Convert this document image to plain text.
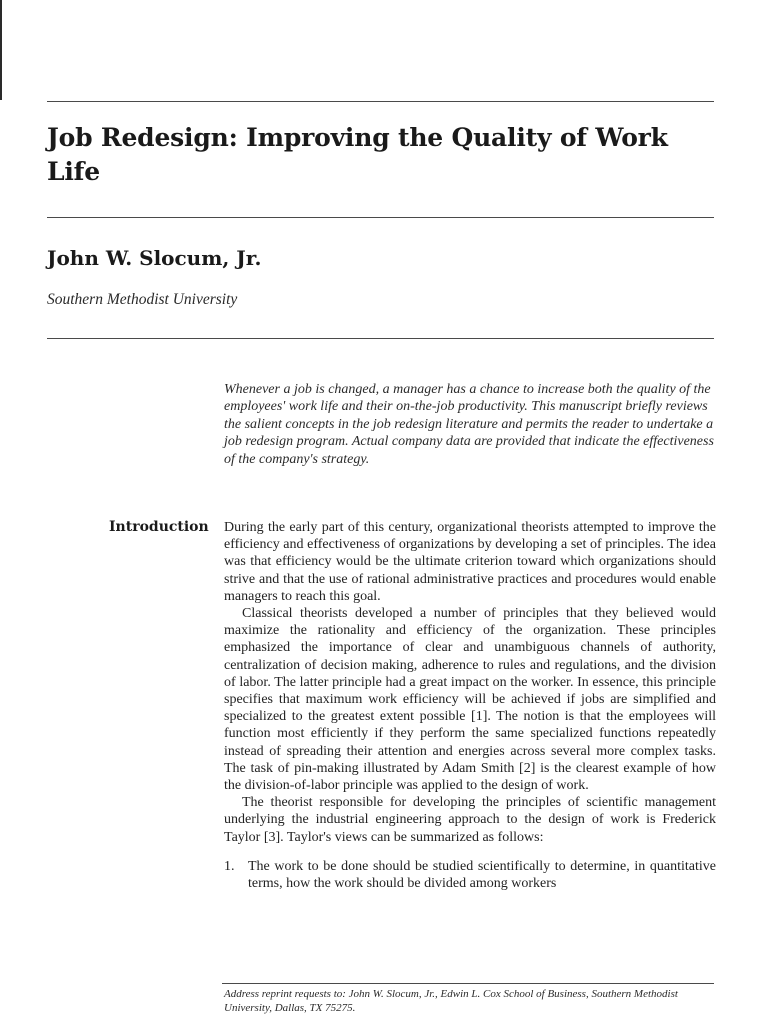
Job Redesign: Improving the Quality of Work Life
John W. Slocum, Jr.

Southern Methodist University

Whenever a job is changed, a manager has a chance to increase both the quality of the employees' work life and their on-the-job productivity. This manuscript briefly reviews the salient concepts in the job redesign literature and permits the reader to undertake a job redesign program. Actual company data are provided that indicate the effectiveness of the company's strategy.

Introduction During the early part of this century, organizational theorists attempted to improve the efficiency and effectiveness of organizations by developing a set of principles. The idea was that efficiency would be the ultimate criterion toward which organizations should strive and that the use of rational administrative practices and procedures would enable managers to reach this goal.

Classical theorists developed a number of principles that they believed would maximize the rationality and efficiency of the organization. These principles emphasized the importance of clear and unambiguous channels of authority, centralization of decision making, adherence to rules and regulations, and the division of labor. The latter principle had a great impact on the worker. In essence, this principle specifies that maximum work efficiency will be achieved if jobs are simplified and specialized to the greatest extent possible [1]. The notion is that the employees will function most efficiently if they perform the same specialized functions repeatedly instead of spreading their attention and energies across several more complex tasks. The task of pin-making illustrated by Adam Smith [2] is the clearest example of how the division-of-labor principle was applied to the design of work.

The theorist responsible for developing the principles of scientific management underlying the industrial engineering approach to the design of work is Frederick Taylor [3]. Taylor's views can be summarized as follows:

1. The work to be done should be studied scientifically to determine, in quantitative terms, how the work should be divided among workers

Address reprint requests to: John W. Slocum, Jr., Edwin L. Cox School of Business, Southern Methodist University, Dallas, TX 75275.
